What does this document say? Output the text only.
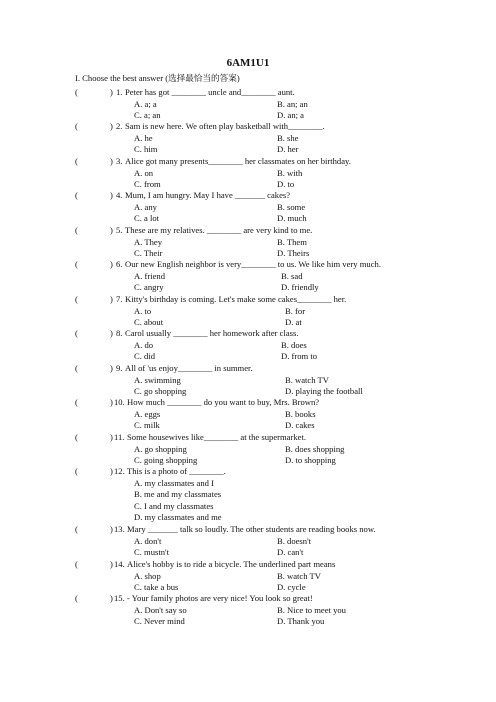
6AM1U1
I. Choose the best answer (选择最恰当的答案)
(	) 1. Peter has got ________ uncle and________ aunt.
A. a; a	B. an; an
C. a; an	D. an; a
(	) 2. Sam is new here. We often play basketball with________.
A. he	B. she
C. him	D. her
(	) 3. Alice got many presents________ her classmates on her birthday.
A. on	B. with
C. from	D. to
(	) 4. Mum, I am hungry. May I have _______ cakes?
A. any	B. some
C. a lot	D. much
(	) 5. These are my relatives. ________ are very kind to me.
A. They	B. Them
C. Their	D. Theirs
(	) 6. Our new English neighbor is very________ to us. We like him very much.
A. friend	B. sad
C. angry	D. friendly
(	) 7. Kitty's birthday is coming. Let's make some cakes________ her.
A. to	B. for
C. about	D. at
(	) 8. Carol usually ________ her homework after class.
A. do	B. does
C. did	D. from to
(	) 9. All of 'us enjoy________ in summer.
A. swimming	B. watch TV
C. go shopping	D. playing the football
(	) 10. How much ________ do you want to buy, Mrs. Brown?
A. eggs	B. books
C. milk	D. cakes
(	) 11. Some housewives like________ at the supermarket.
A. go shopping	B. does shopping
C. going shopping	D. to shopping
(	) 12. This is a photo of ________.
A. my classmates and I
B. me and my classmates
C. I and my classmates
D. my classmates and me
(	) 13. Mary _______ talk so loudly. The other students are reading books now.
A. don't	B. doesn't
C. mustn't	D. can't
(	) 14. Alice's hobby is to ride a bicycle. The underlined part means
A. shop	B. watch TV
C. take a bus	D. cycle
(	) 15. - Your family photos are very nice! You look so great!
A. Don't say so	B. Nice to meet you
C. Never mind	D. Thank you
